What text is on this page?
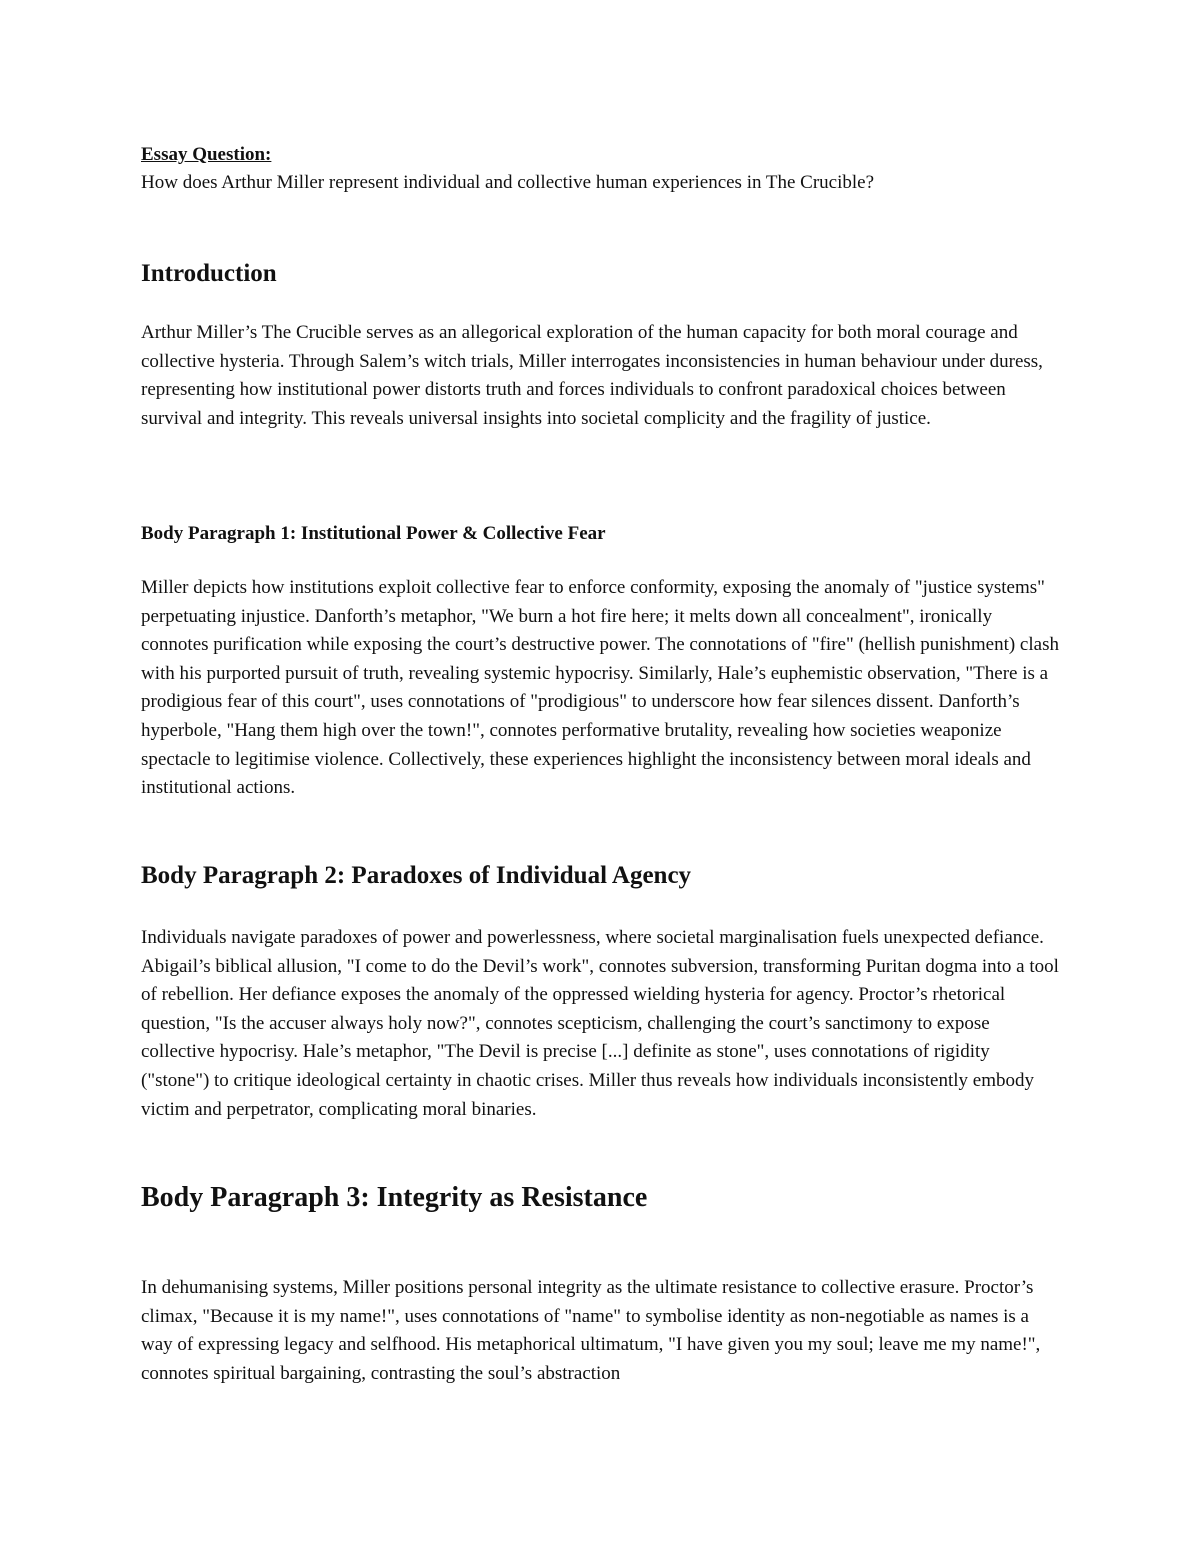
Essay Question:

How does Arthur Miller represent individual and collective human experiences in The Crucible?

Introduction

Arthur Miller’s The Crucible serves as an allegorical exploration of the human capacity for both moral courage and collective hysteria. Through Salem’s witch trials, Miller interrogates inconsistencies in human behaviour under duress, representing how institutional power distorts truth and forces individuals to confront paradoxical choices between survival and integrity. This reveals universal insights into societal complicity and the fragility of justice.

Body Paragraph 1: Institutional Power & Collective Fear

Miller depicts how institutions exploit collective fear to enforce conformity, exposing the anomaly of "justice systems" perpetuating injustice. Danforth’s metaphor, "We burn a hot fire here; it melts down all concealment", ironically connotes purification while exposing the court’s destructive power. The connotations of "fire" (hellish punishment) clash with his purported pursuit of truth, revealing systemic hypocrisy. Similarly, Hale’s euphemistic observation, "There is a prodigious fear of this court", uses connotations of "prodigious" to underscore how fear silences dissent. Danforth’s hyperbole, "Hang them high over the town!", connotes performative brutality, revealing how societies weaponize spectacle to legitimise violence. Collectively, these experiences highlight the inconsistency between moral ideals and institutional actions.

Body Paragraph 2: Paradoxes of Individual Agency

Individuals navigate paradoxes of power and powerlessness, where societal marginalisation fuels unexpected defiance. Abigail’s biblical allusion, "I come to do the Devil’s work", connotes subversion, transforming Puritan dogma into a tool of rebellion. Her defiance exposes the anomaly of the oppressed wielding hysteria for agency. Proctor’s rhetorical question, "Is the accuser always holy now?", connotes scepticism, challenging the court’s sanctimony to expose collective hypocrisy. Hale’s metaphor, "The Devil is precise [...] definite as stone", uses connotations of rigidity ("stone") to critique ideological certainty in chaotic crises. Miller thus reveals how individuals inconsistently embody victim and perpetrator, complicating moral binaries.

Body Paragraph 3: Integrity as Resistance

In dehumanising systems, Miller positions personal integrity as the ultimate resistance to collective erasure. Proctor’s climax, "Because it is my name!", uses connotations of "name" to symbolise identity as non-negotiable as names is a way of expressing legacy and selfhood. His metaphorical ultimatum, "I have given you my soul; leave me my name!", connotes spiritual bargaining, contrasting the soul’s abstraction
